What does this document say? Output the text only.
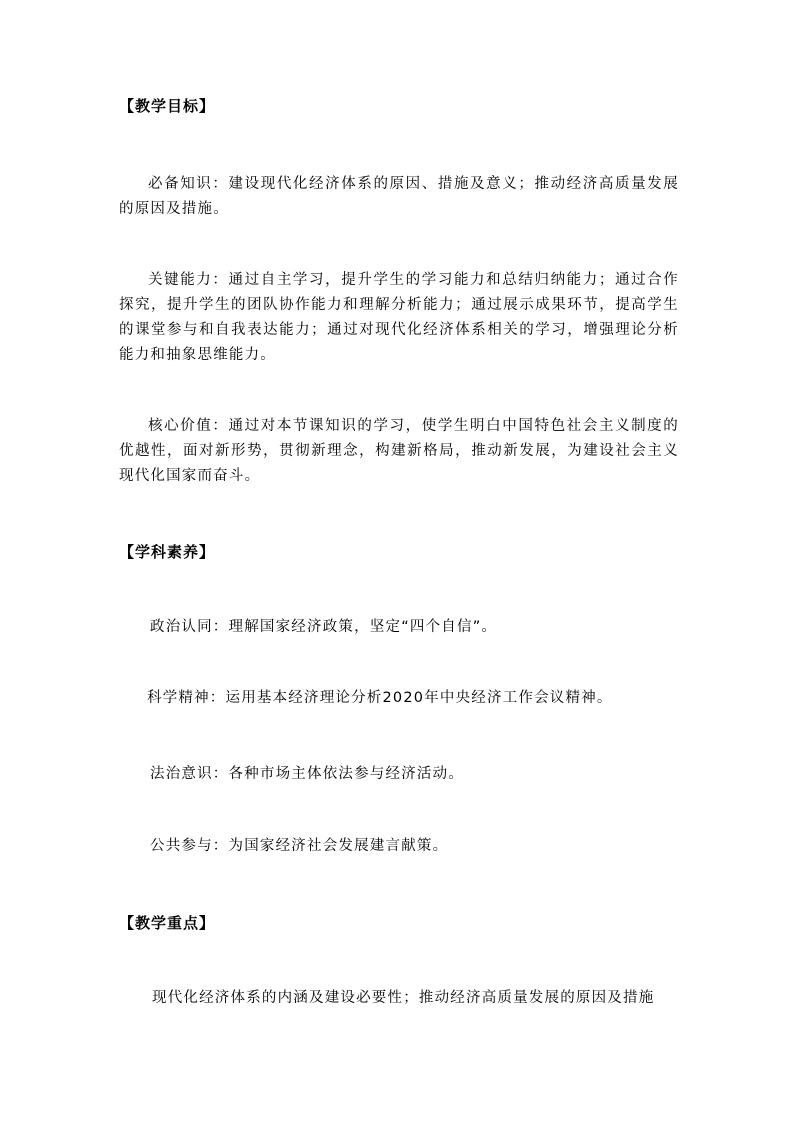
【教学目标】
必备知识：建设现代化经济体系的原因、措施及意义；推动经济高质量发展的原因及措施。
关键能力：通过自主学习，提升学生的学习能力和总结归纳能力；通过合作探究，提升学生的团队协作能力和理解分析能力；通过展示成果环节，提高学生的课堂参与和自我表达能力；通过对现代化经济体系相关的学习，增强理论分析能力和抽象思维能力。
核心价值：通过对本节课知识的学习，使学生明白中国特色社会主义制度的优越性，面对新形势，贯彻新理念，构建新格局，推动新发展，为建设社会主义现代化国家而奋斗。
【学科素养】
政治认同：理解国家经济政策，坚定“四个自信”。
科学精神：运用基本经济理论分析2020年中央经济工作会议精神。
法治意识：各种市场主体依法参与经济活动。
公共参与：为国家经济社会发展建言献策。
【教学重点】
现代化经济体系的内涵及建设必要性；推动经济高质量发展的原因及措施
